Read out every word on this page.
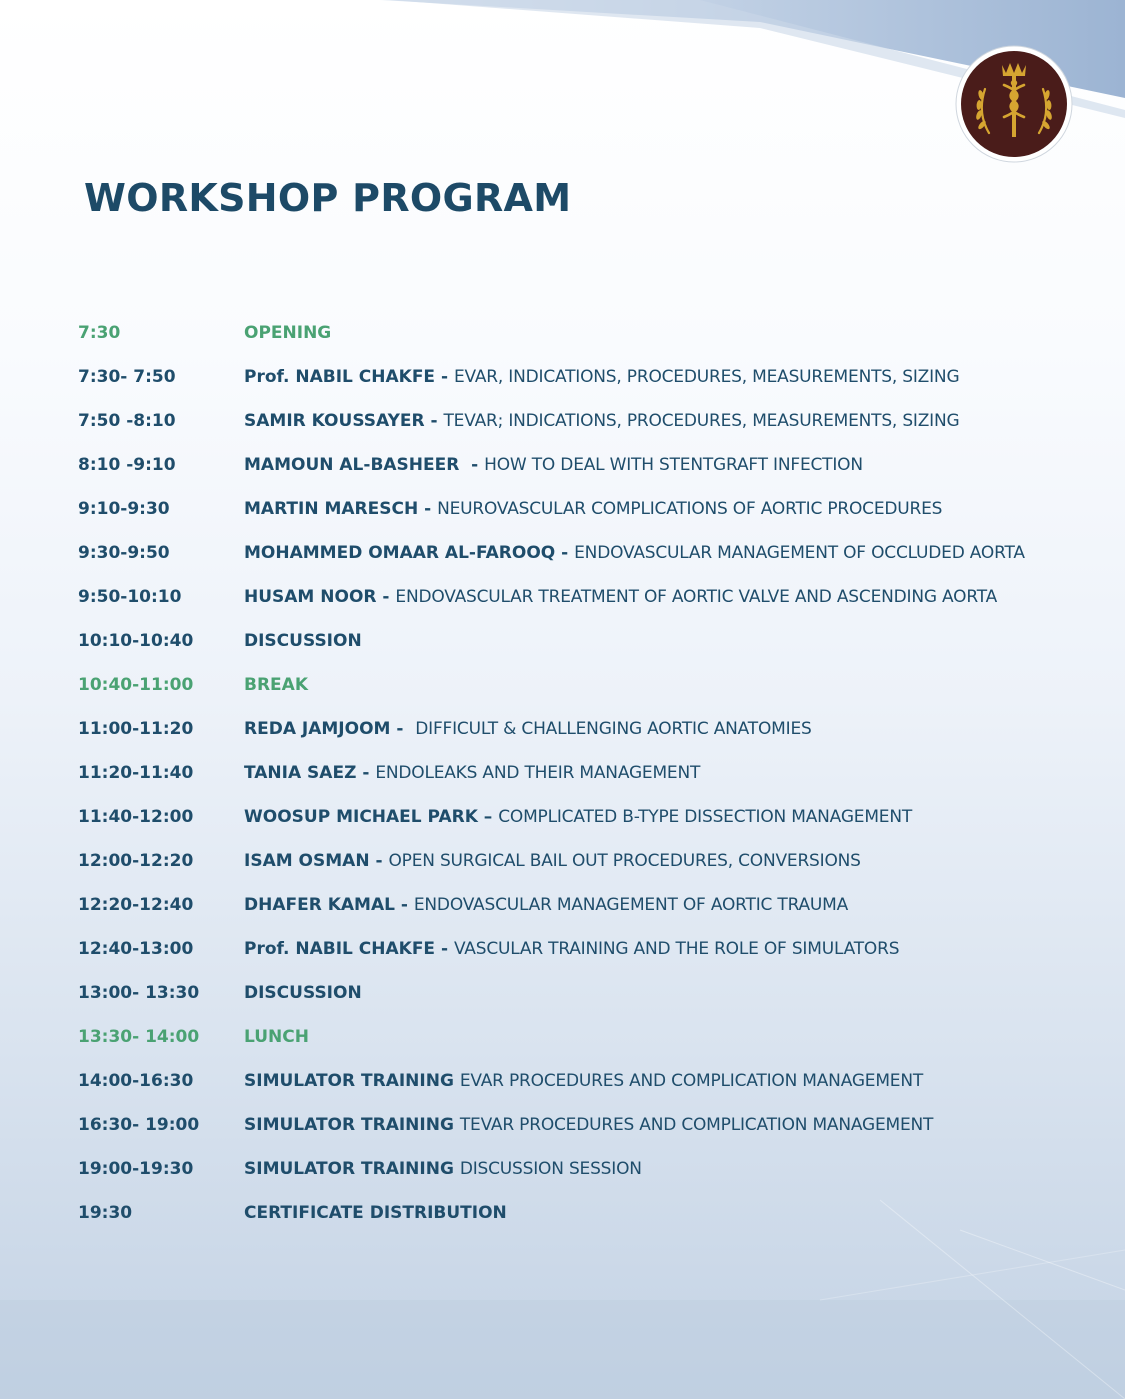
WORKSHOP PROGRAM
7:30	OPENING
7:30- 7:50	Prof. NABIL CHAKFE - EVAR, INDICATIONS, PROCEDURES, MEASUREMENTS, SIZING
7:50 -8:10	SAMIR KOUSSAYER - TEVAR; INDICATIONS, PROCEDURES, MEASUREMENTS, SIZING
8:10 -9:10	MAMOUN AL-BASHEER  - HOW TO DEAL WITH STENTGRAFT INFECTION
9:10-9:30	MARTIN MARESCH - NEUROVASCULAR COMPLICATIONS OF AORTIC PROCEDURES
9:30-9:50	MOHAMMED OMAAR AL-FAROOQ - ENDOVASCULAR MANAGEMENT OF OCCLUDED AORTA
9:50-10:10	HUSAM NOOR - ENDOVASCULAR TREATMENT OF AORTIC VALVE AND ASCENDING AORTA
10:10-10:40	DISCUSSION
10:40-11:00	BREAK
11:00-11:20	REDA JAMJOOM -  DIFFICULT & CHALLENGING AORTIC ANATOMIES
11:20-11:40	TANIA SAEZ - ENDOLEAKS AND THEIR MANAGEMENT
11:40-12:00	WOOSUP MICHAEL PARK – COMPLICATED B-TYPE DISSECTION MANAGEMENT
12:00-12:20	ISAM OSMAN - OPEN SURGICAL BAIL OUT PROCEDURES, CONVERSIONS
12:20-12:40	DHAFER KAMAL - ENDOVASCULAR MANAGEMENT OF AORTIC TRAUMA
12:40-13:00	Prof. NABIL CHAKFE - VASCULAR TRAINING AND THE ROLE OF SIMULATORS
13:00- 13:30	DISCUSSION
13:30- 14:00	LUNCH
14:00-16:30	SIMULATOR TRAINING EVAR PROCEDURES AND COMPLICATION MANAGEMENT
16:30- 19:00	SIMULATOR TRAINING TEVAR PROCEDURES AND COMPLICATION MANAGEMENT
19:00-19:30	SIMULATOR TRAINING DISCUSSION SESSION
19:30	CERTIFICATE DISTRIBUTION
